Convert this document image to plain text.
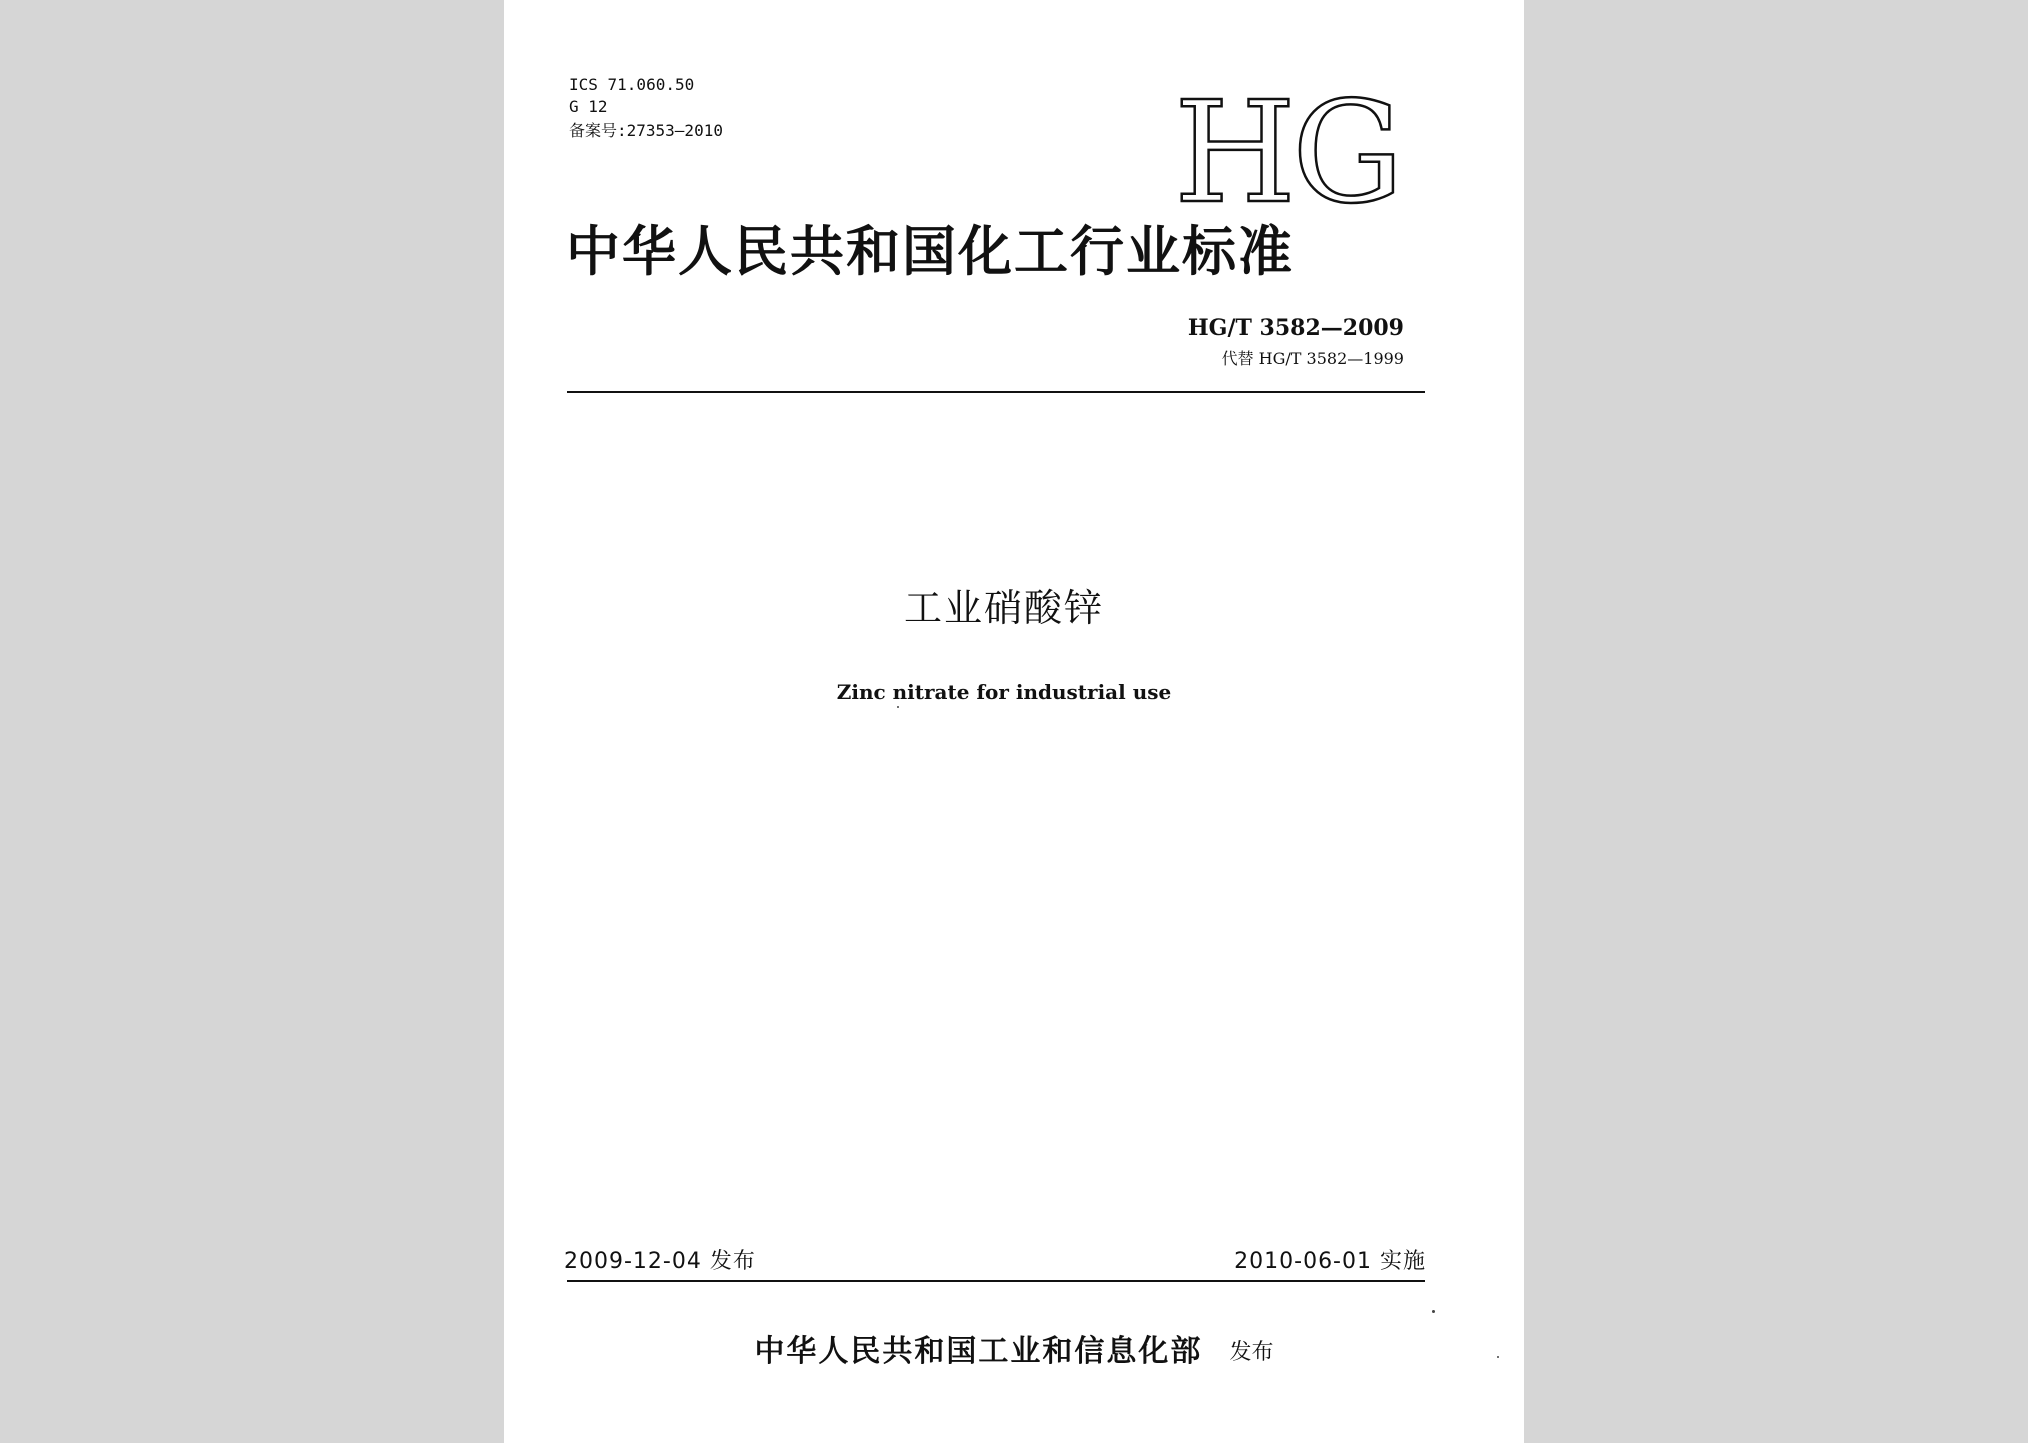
ICS 71.060.50
G 12
备案号:27353—2010	HG
中华人民共和国化工行业标准
HG/T 3582—2009
代替 HG/T 3582—1999
工业硝酸锌
Zinc nitrate for industrial use
2009-12-04 发布	2010-06-01 实施
中华人民共和国工业和信息化部 发布
